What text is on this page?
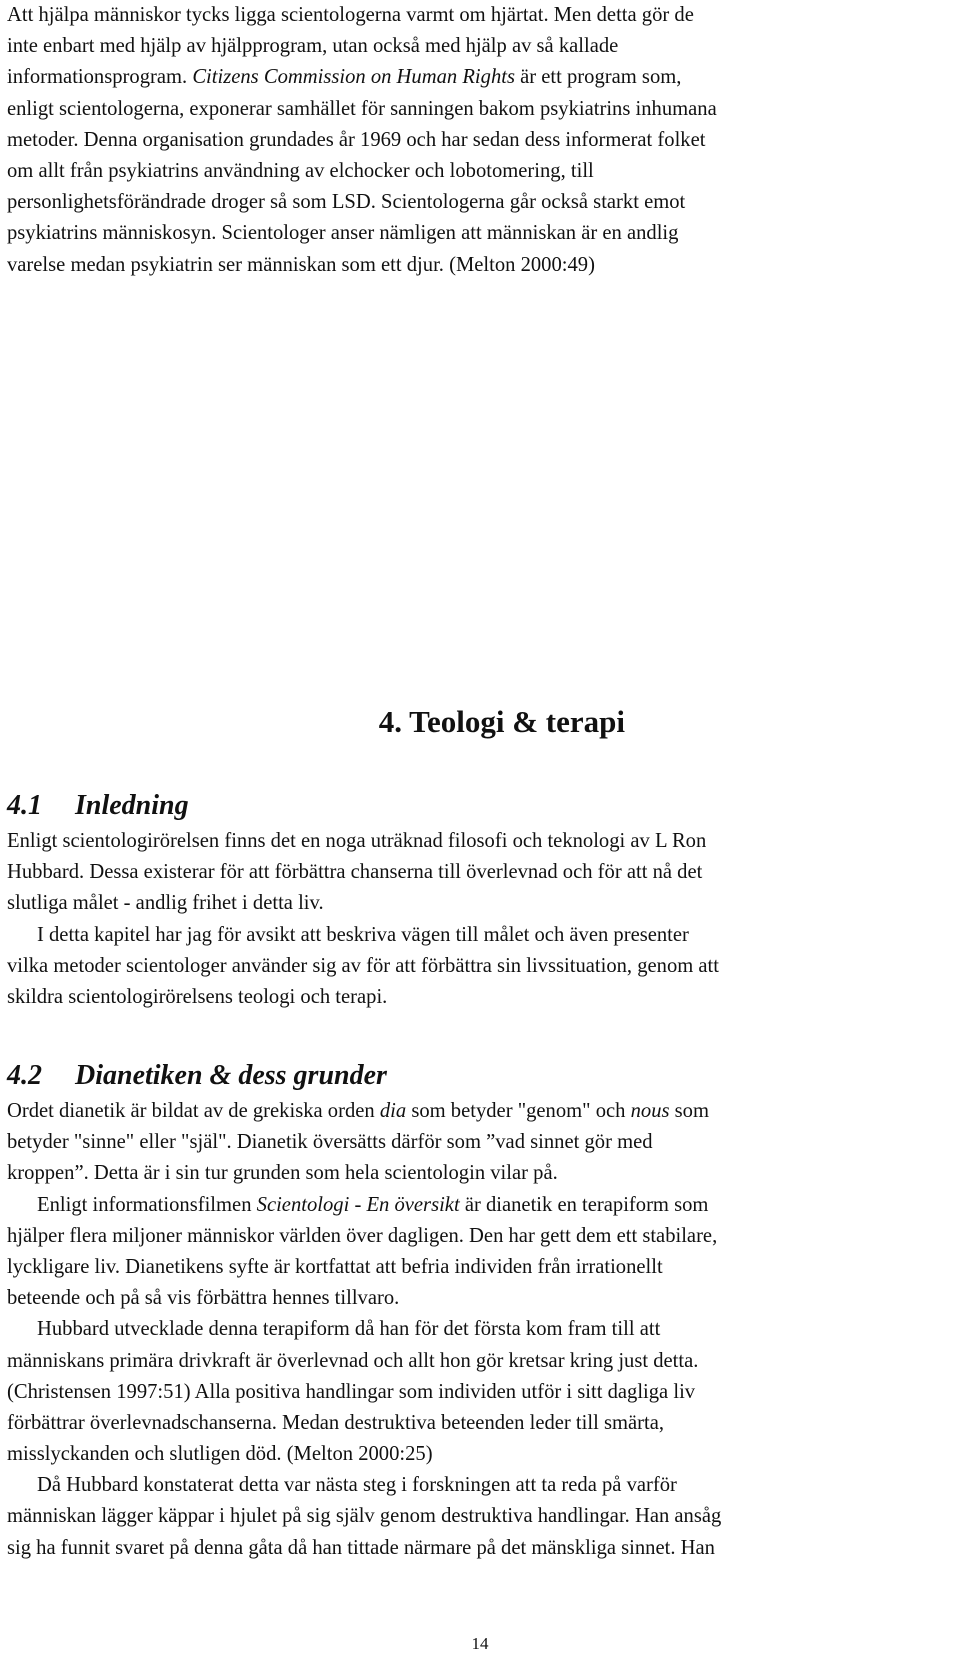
Att hjälpa människor tycks ligga scientologerna varmt om hjärtat. Men detta gör de
inte enbart med hjälp av hjälpprogram, utan också med hjälp av så kallade
informationsprogram. Citizens Commission on Human Rights är ett program som,
enligt scientologerna, exponerar samhället för sanningen bakom psykiatrins inhumana
metoder. Denna organisation grundades år 1969 och har sedan dess informerat folket
om allt från psykiatrins användning av elchocker och lobotomering, till
personlighetsförändrade droger så som LSD. Scientologerna går också starkt emot
psykiatrins människosyn. Scientologer anser nämligen att människan är en andlig
varelse medan psykiatrin ser människan som ett djur. (Melton 2000:49)
4. Teologi & terapi
4.1 Inledning
Enligt scientologirörelsen finns det en noga uträknad filosofi och teknologi av L Ron
Hubbard. Dessa existerar för att förbättra chanserna till överlevnad och för att nå det
slutliga målet - andlig frihet i detta liv.
I detta kapitel har jag för avsikt att beskriva vägen till målet och även presenter
vilka metoder scientologer använder sig av för att förbättra sin livssituation, genom att
skildra scientologirörelsens teologi och terapi.
4.2 Dianetiken & dess grunder
Ordet dianetik är bildat av de grekiska orden dia som betyder "genom" och nous som
betyder "sinne" eller "själ". Dianetik översätts därför som ”vad sinnet gör med
kroppen”. Detta är i sin tur grunden som hela scientologin vilar på.
Enligt informationsfilmen Scientologi - En översikt är dianetik en terapiform som
hjälper flera miljoner människor världen över dagligen. Den har gett dem ett stabilare,
lyckligare liv. Dianetikens syfte är kortfattat att befria individen från irrationellt
beteende och på så vis förbättra hennes tillvaro.
Hubbard utvecklade denna terapiform då han för det första kom fram till att
människans primära drivkraft är överlevnad och allt hon gör kretsar kring just detta.
(Christensen 1997:51) Alla positiva handlingar som individen utför i sitt dagliga liv
förbättrar överlevnadschanserna. Medan destruktiva beteenden leder till smärta,
misslyckanden och slutligen död. (Melton 2000:25)
Då Hubbard konstaterat detta var nästa steg i forskningen att ta reda på varför
människan lägger käppar i hjulet på sig själv genom destruktiva handlingar. Han ansåg
sig ha funnit svaret på denna gåta då han tittade närmare på det mänskliga sinnet. Han
14
